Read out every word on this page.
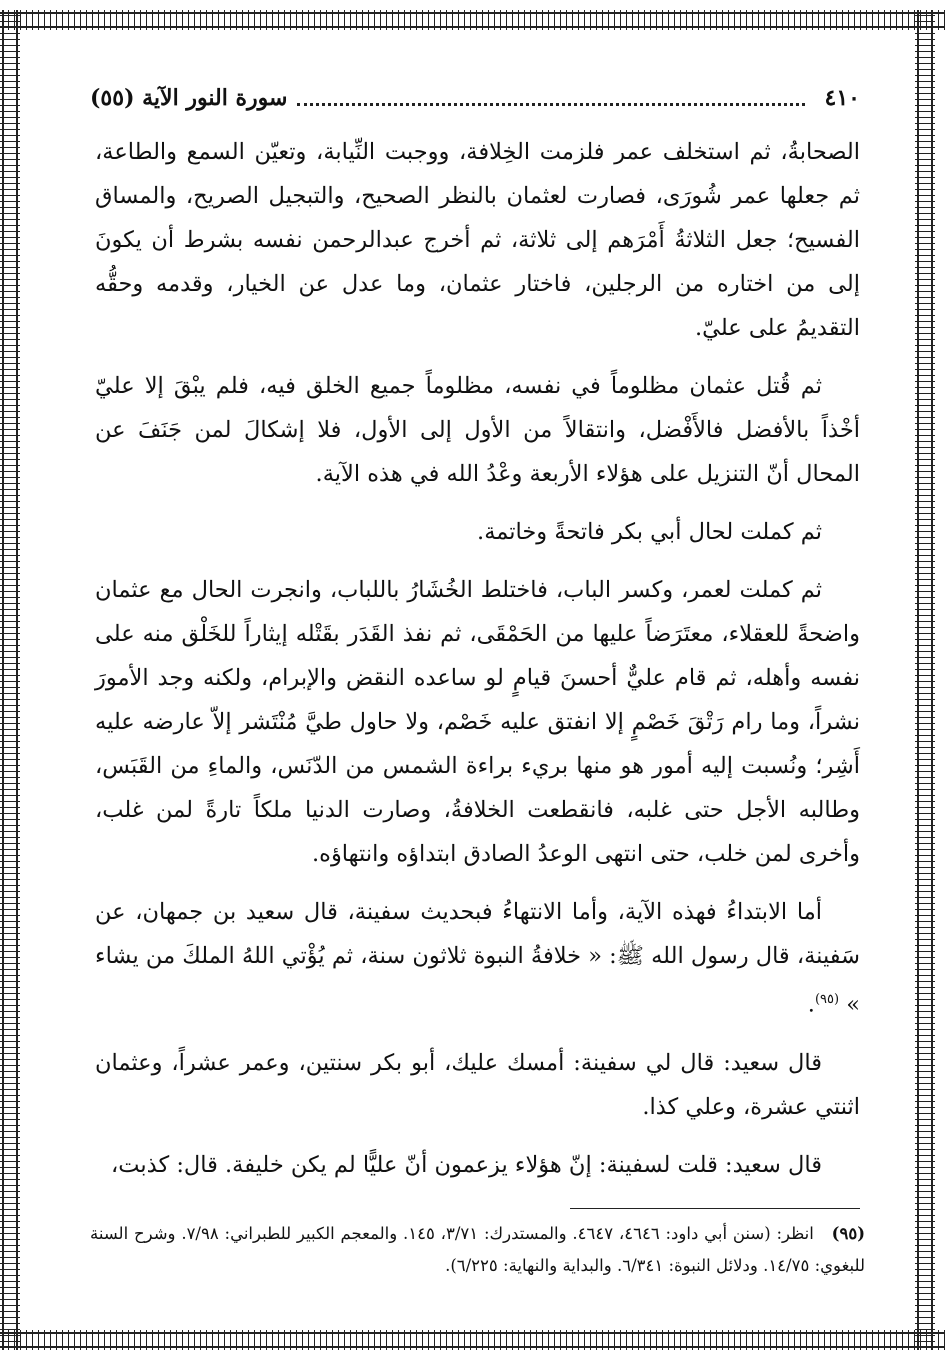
٤١٠
سورة النور الآية (٥٥)

الصحابةُ، ثم استخلف عمر فلزمت الخِلافة، ووجبت النِّيابة، وتعيّن السمع والطاعة، ثم جعلها عمر شُورَى، فصارت لعثمان بالنظر الصحيح، والتبجيل الصريح، والمساق الفسيح؛ جعل الثلاثةُ أَمْرَهم إلى ثلاثة، ثم أخرج عبدالرحمن نفسه بشرط أن يكونَ إلى من اختاره من الرجلين، فاختار عثمان، وما عدل عن الخيار، وقدمه وحقُّه التقديمُ على عليّ.

ثم قُتل عثمان مظلوماً في نفسه، مظلوماً جميع الخلق فيه، فلم يبْقَ إلا عليّ أخْذاً بالأفضل فالأَفْضل، وانتقالاً من الأول إلى الأول، فلا إشكالَ لمن جَنَفَ عن المحال أنّ التنزيل على هؤلاء الأربعة وعْدُ الله في هذه الآية.

ثم كملت لحال أبي بكر فاتحةً وخاتمة.

ثم كملت لعمر، وكسر الباب، فاختلط الخُشَارُ باللباب، وانجرت الحال مع عثمان واضحةً للعقلاء، معتَرَضاً عليها من الحَمْقَى، ثم نفذ القَدَر بقَتْله إيثاراً للخَلْق منه على نفسه وأهله، ثم قام عليٌّ أحسنَ قيامٍ لو ساعده النقض والإبرام، ولكنه وجد الأمورَ نشراً، وما رام رَتْقَ خَصْمٍ إلا انفتق عليه خَصْم، ولا حاول طيَّ مُنْتَشر إلاّ عارضه عليه أَشِر؛ ونُسبت إليه أمور هو منها بريء براءة الشمس من الدّنَس، والماءِ من القَبَس، وطالبه الأجل حتى غلبه، فانقطعت الخلافةُ، وصارت الدنيا ملكاً تارةً لمن غلب، وأخرى لمن خلب، حتى انتهى الوعدُ الصادق ابتداؤه وانتهاؤه.

أما الابتداءُ فهذه الآية، وأما الانتهاءُ فبحديث سفينة، قال سعيد بن جمهان، عن سَفينة، قال رسول الله ﷺ: « خلافةُ النبوة ثلاثون سنة، ثم يُؤْتي اللهُ الملكَ من يشاء » $^{(٩٥)}$.

قال سعيد: قال لي سفينة: أمسك عليك، أبو بكر سنتين، وعمر عشراً، وعثمان اثنتي عشرة، وعلي كذا.

قال سعيد: قلت لسفينة: إنّ هؤلاء يزعمون أنّ عليًّا لم يكن خليفة. قال: كذبت،

(٩٥) انظر: (سنن أبي داود: ٤٦٤٦، ٤٦٤٧. والمستدرك: ٣/٧١، ١٤٥. والمعجم الكبير للطبراني: ٧/٩٨. وشرح السنة للبغوي: ١٤/٧٥. ودلائل النبوة: ٦/٣٤١. والبداية والنهاية: ٦/٢٢٥).
